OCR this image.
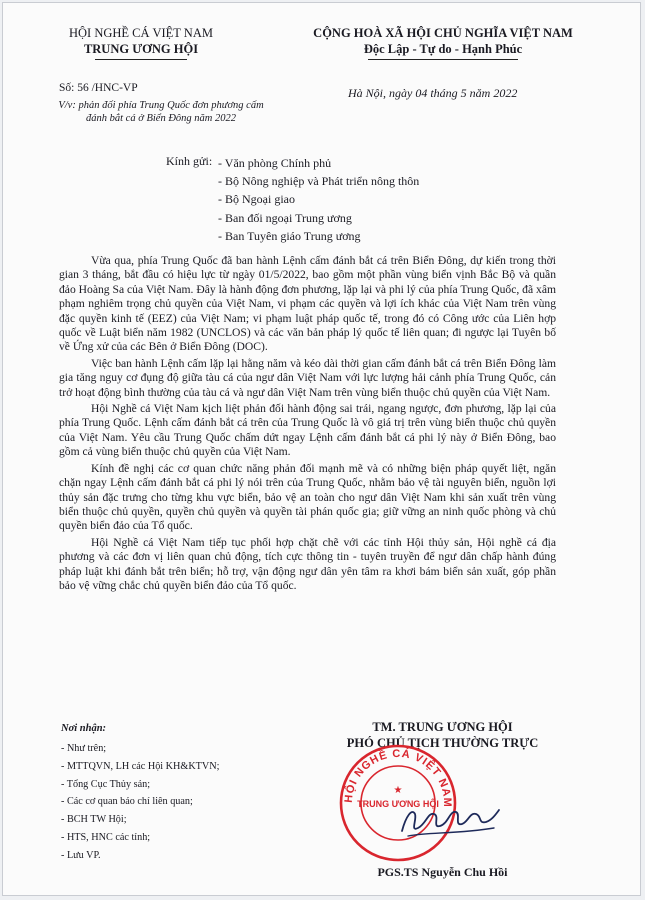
HỘI NGHỀ CÁ VIỆT NAM
TRUNG ƯƠNG HỘI
CỘNG HOÀ XÃ HỘI CHỦ NGHĨA VIỆT NAM
Độc Lập - Tự do - Hạnh Phúc
Số: 56 /HNC-VP
V/v: phản đối phía Trung Quốc đơn phương cấm đánh bắt cá ở Biển Đông năm 2022
Hà Nội, ngày 04 tháng 5 năm 2022
Kính gửi: - Văn phòng Chính phủ
- Bộ Nông nghiệp và Phát triển nông thôn
- Bộ Ngoại giao
- Ban đối ngoại Trung ương
- Ban Tuyên giáo Trung ương

Vừa qua, phía Trung Quốc đã ban hành Lệnh cấm đánh bắt cá trên Biển Đông, dự kiến trong thời gian 3 tháng, bắt đầu có hiệu lực từ ngày 01/5/2022, bao gồm một phần vùng biển vịnh Bắc Bộ và quần đảo Hoàng Sa của Việt Nam. Đây là hành động đơn phương, lặp lại và phi lý của phía Trung Quốc, đã xâm phạm nghiêm trọng chủ quyền của Việt Nam, vi phạm các quyền và lợi ích khác của Việt Nam trên vùng đặc quyền kinh tế (EEZ) của Việt Nam; vi phạm luật pháp quốc tế, trong đó có Công ước của Liên hợp quốc về Luật biển năm 1982 (UNCLOS) và các văn bản pháp lý quốc tế liên quan; đi ngược lại Tuyên bố về Ứng xử của các Bên ở Biển Đông (DOC).

Việc ban hành Lệnh cấm lặp lại hằng năm và kéo dài thời gian cấm đánh bắt cá trên Biển Đông làm gia tăng nguy cơ đụng độ giữa tàu cá của ngư dân Việt Nam với lực lượng hải cảnh phía Trung Quốc, cản trở hoạt động bình thường của tàu cá và ngư dân Việt Nam trên vùng biển thuộc chủ quyền của Việt Nam.

Hội Nghề cá Việt Nam kịch liệt phản đối hành động sai trái, ngang ngược, đơn phương, lặp lại của phía Trung Quốc. Lệnh cấm đánh bắt cá trên của Trung Quốc là vô giá trị trên vùng biển thuộc chủ quyền của Việt Nam. Yêu cầu Trung Quốc chấm dứt ngay Lệnh cấm đánh bắt cá phi lý này ở Biển Đông, bao gồm cả vùng biển thuộc chủ quyền của Việt Nam.

Kính đề nghị các cơ quan chức năng phản đối mạnh mẽ và có những biện pháp quyết liệt, ngăn chặn ngay Lệnh cấm đánh bắt cá phi lý nói trên của Trung Quốc, nhằm bảo vệ tài nguyên biển, nguồn lợi thủy sản đặc trưng cho từng khu vực biển, bảo vệ an toàn cho ngư dân Việt Nam khi sản xuất trên vùng biển thuộc chủ quyền, quyền chủ quyền và quyền tài phán quốc gia; giữ vững an ninh quốc phòng và chủ quyền biển đảo của Tổ quốc.

Hội Nghề cá Việt Nam tiếp tục phối hợp chặt chẽ với các tỉnh Hội thủy sản, Hội nghề cá địa phương và các đơn vị liên quan chủ động, tích cực thông tin - tuyên truyền để ngư dân chấp hành đúng pháp luật khi đánh bắt trên biển; hỗ trợ, vận động ngư dân yên tâm ra khơi bám biển sản xuất, góp phần bảo vệ vững chắc chủ quyền biển đảo của Tổ quốc.

Nơi nhận:
- Như trên;
- MTTQVN, LH các Hội KH&KTVN;
- Tổng Cục Thủy sản;
- Các cơ quan báo chí liên quan;
- BCH TW Hội;
- HTS, HNC các tỉnh;
- Lưu VP.
TM. TRUNG ƯƠNG HỘI
PHÓ CHỦ TỊCH THƯỜNG TRỰC
HỘI NGHỀ CÁ VIỆT NAM
TRUNG ƯƠNG HỘI
★
PGS.TS Nguyễn Chu Hồi
